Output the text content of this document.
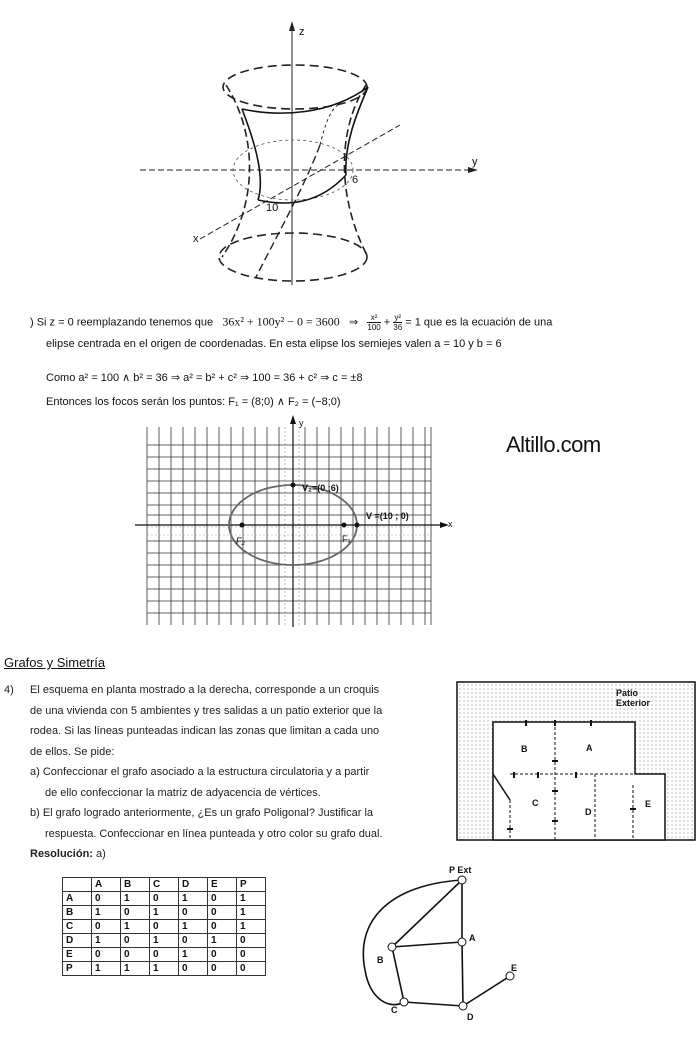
z
y
x
6
10
) Si z = 0 reemplazando tenemos que 36x² + 100y² − 0 = 3600 ⇒ $\frac{\text{x²}}{100} + \frac{\text{y²}}{36} = 1$ que es la ecuación de una
elipse centrada en el origen de coordenadas. En esta elipse los semiejes valen a = 10 y b = 6
Como a² = 100 ∧ b² = 36 ⇒ a² = b² + c² ⇒ 100 = 36 + c² ⇒ c = ±8
Entonces los focos serán los puntos: F₁ = (8;0) ∧ F₂ = (−8;0)
y
x
V₂=(0 ;6)
V =(10 ; 0)
F₂	F₁
Altillo.com
Grafos y Simetría
4) El esquema en planta mostrado a la derecha, corresponde a un croquis
de una vivienda con 5 ambientes y tres salidas a un patio exterior que la
rodea. Si las líneas punteadas indican las zonas que limitan a cada uno
de ellos. Se pide:
a) Confeccionar el grafo asociado a la estructura circulatoria y a partir
de ello confeccionar la matriz de adyacencia de vértices.
b) El grafo logrado anteriormente, ¿Es un grafo Poligonal? Justificar la
respuesta. Confeccionar en línea punteada y otro color su grafo dual.
Resolución: a)
Patio
Exterior
A
B
C
D
E
	A	B	C	D	E	P
A	0	1	0	1	0	1
B	1	0	1	0	0	1
C	0	1	0	1	0	1
D	1	0	1	0	1	0
E	0	0	0	1	0	0
P	1	1	1	0	0	0
P Ext
A
B
C
D
E
